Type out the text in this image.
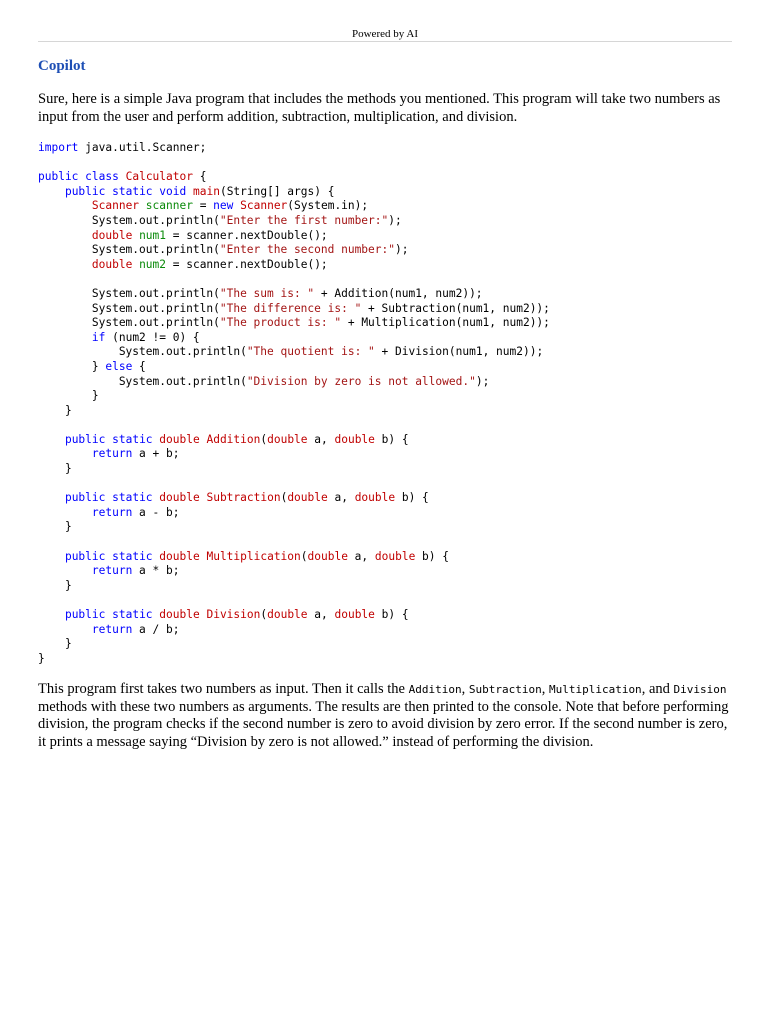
Powered by AI
Copilot

Sure, here is a simple Java program that includes the methods you mentioned. This program will take two numbers as input from the user and perform addition, subtraction, multiplication, and division.

import java.util.Scanner;

public class Calculator {
public static void main(String[] args) {
Scanner scanner = new Scanner(System.in);
System.out.println("Enter the first number:");
double num1 = scanner.nextDouble();
System.out.println("Enter the second number:");
double num2 = scanner.nextDouble();

System.out.println("The sum is: " + Addition(num1, num2));
System.out.println("The difference is: " + Subtraction(num1, num2));
System.out.println("The product is: " + Multiplication(num1, num2));
if (num2 != 0) {
System.out.println("The quotient is: " + Division(num1, num2));
} else {
System.out.println("Division by zero is not allowed.");
}
}

public static double Addition(double a, double b) {
return a + b;
}

public static double Subtraction(double a, double b) {
return a - b;
}

public static double Multiplication(double a, double b) {
return a * b;
}

public static double Division(double a, double b) {
return a / b;
}
}

This program first takes two numbers as input. Then it calls the Addition, Subtraction, Multiplication, and Division methods with these two numbers as arguments. The results are then printed to the console. Note that before performing division, the program checks if the second number is zero to avoid division by zero error. If the second number is zero, it prints a message saying “Division by zero is not allowed.” instead of performing the division.
